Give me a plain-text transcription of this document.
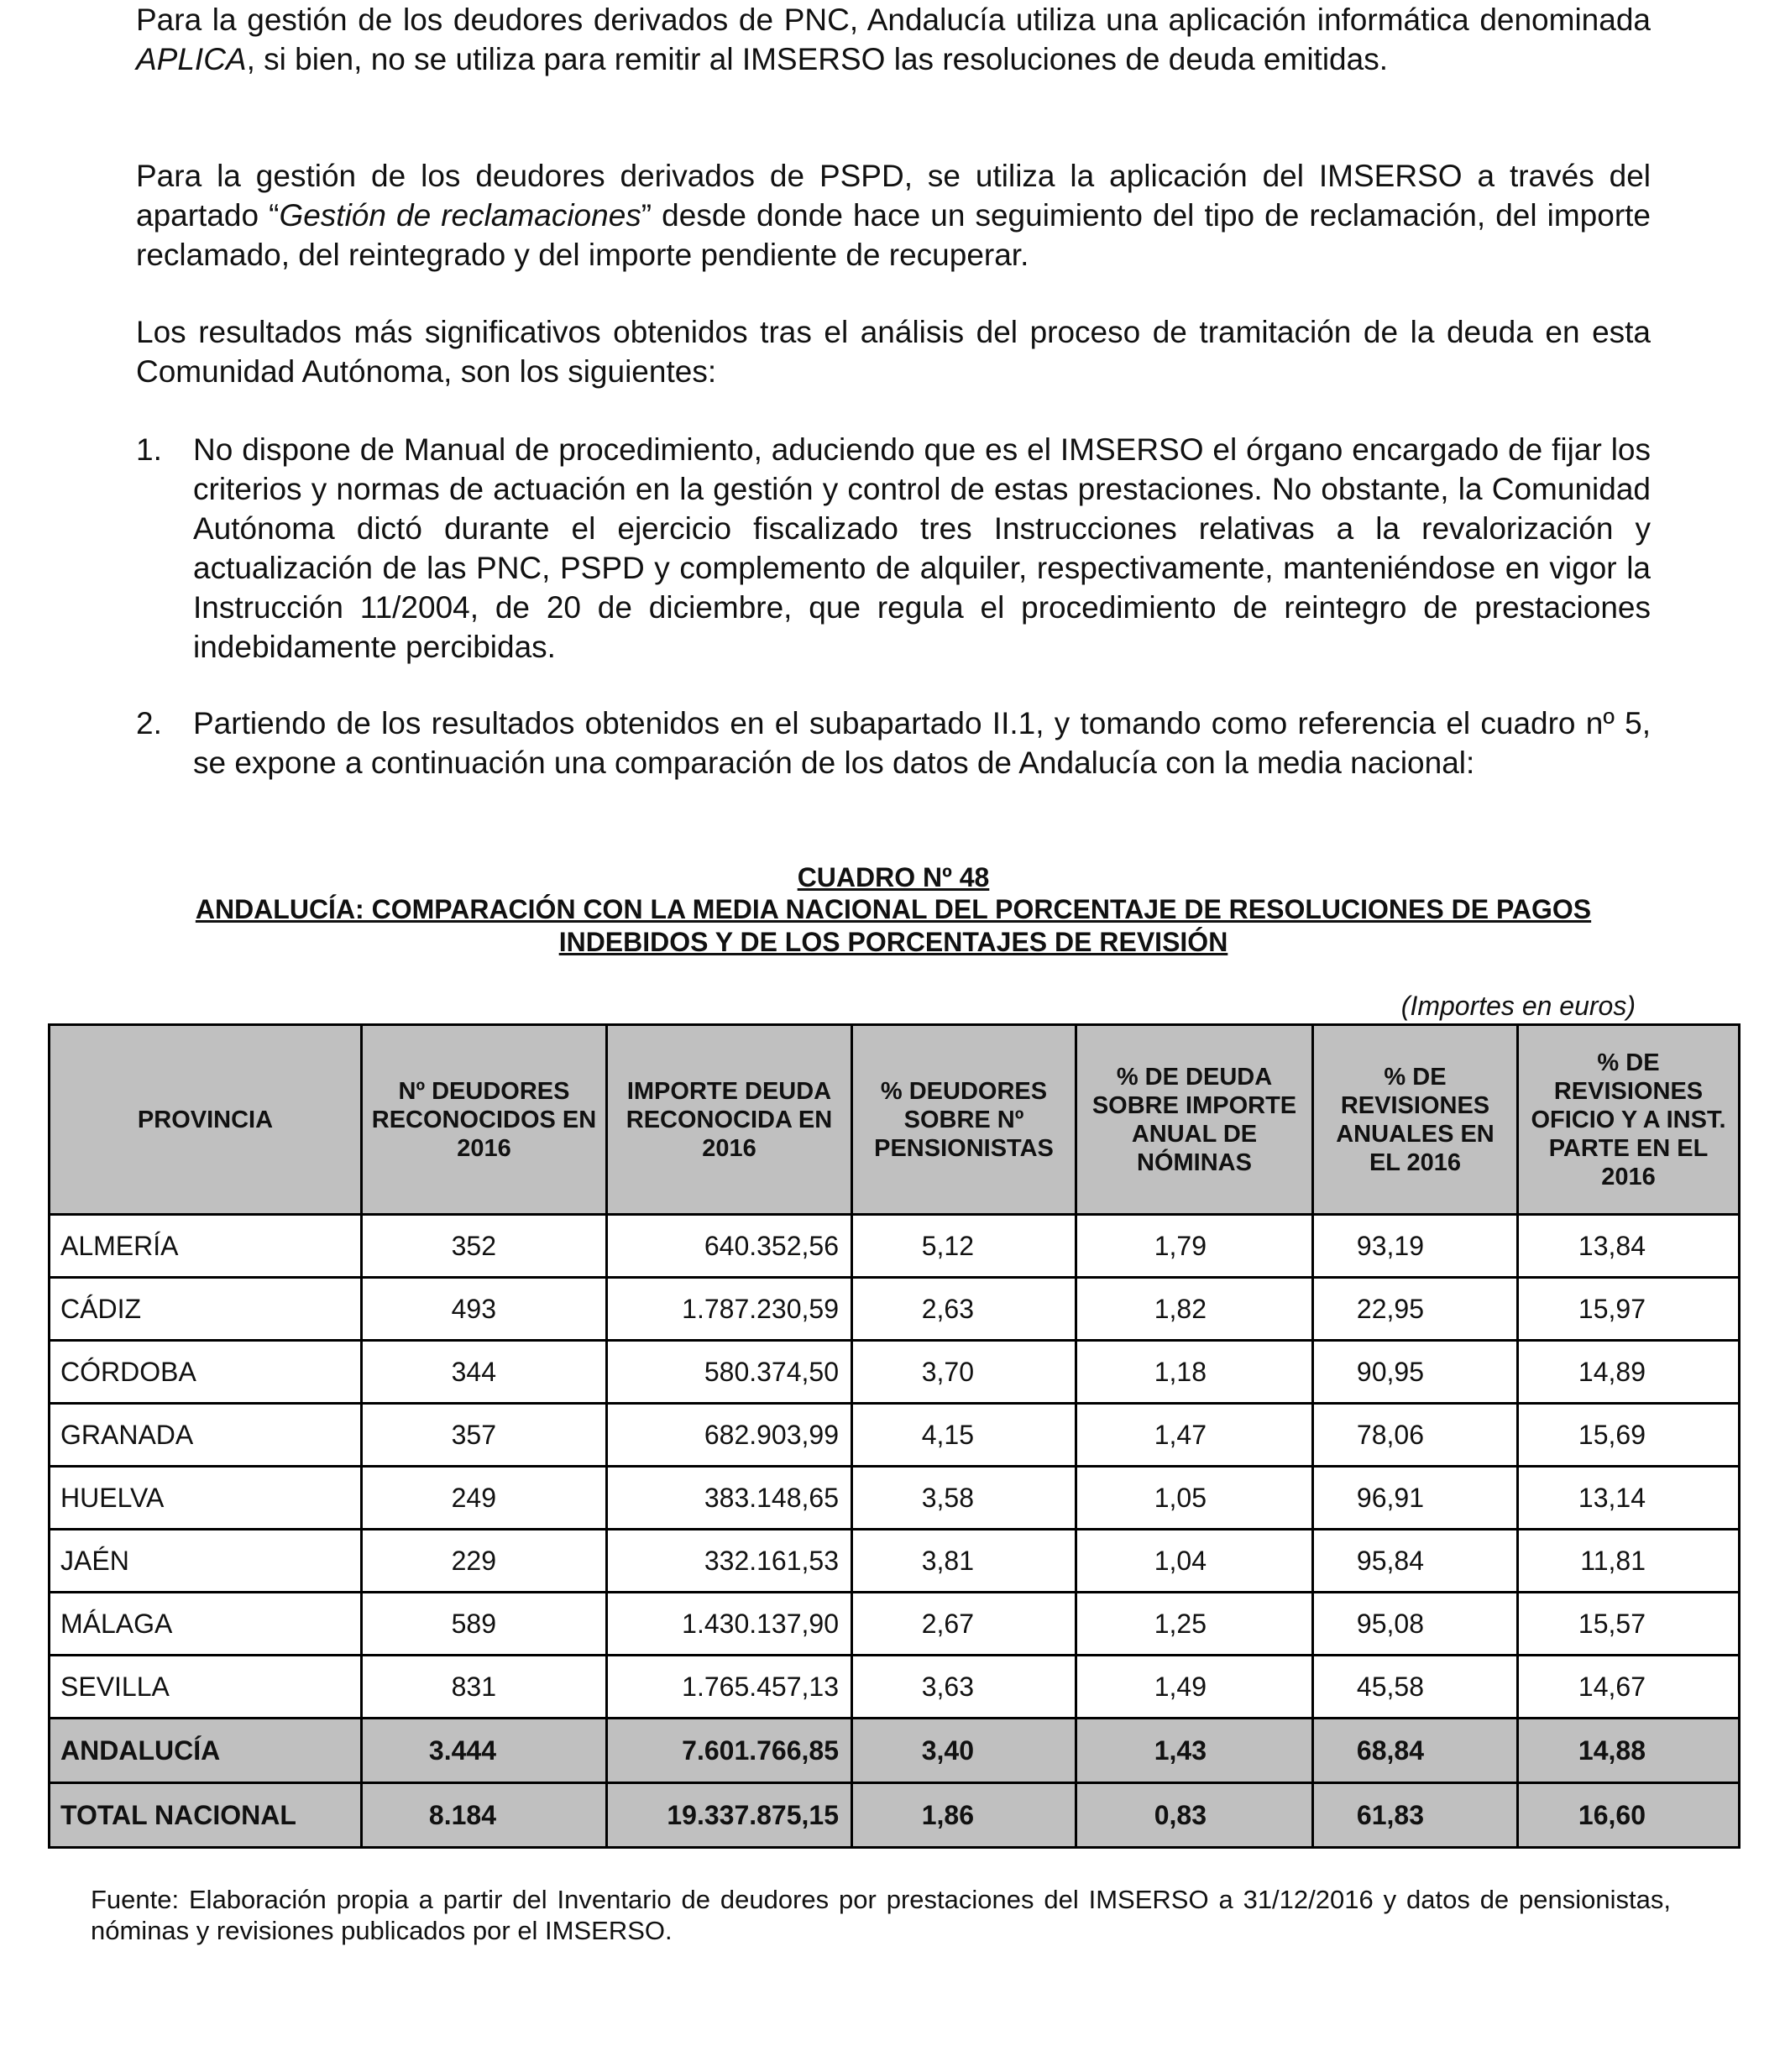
Para la gestión de los deudores derivados de PNC, Andalucía utiliza una aplicación informática denominada APLICA, si bien, no se utiliza para remitir al IMSERSO las resoluciones de deuda emitidas.

Para la gestión de los deudores derivados de PSPD, se utiliza la aplicación del IMSERSO a través del apartado “Gestión de reclamaciones” desde donde hace un seguimiento del tipo de reclamación, del importe reclamado, del reintegrado y del importe pendiente de recuperar.

Los resultados más significativos obtenidos tras el análisis del proceso de tramitación de la deuda en esta Comunidad Autónoma, son los siguientes:

1.	No dispone de Manual de procedimiento, aduciendo que es el IMSERSO el órgano encargado de fijar los criterios y normas de actuación en la gestión y control de estas prestaciones. No obstante, la Comunidad Autónoma dictó durante el ejercicio fiscalizado tres Instrucciones relativas a la revalorización y actualización de las PNC, PSPD y complemento de alquiler, respectivamente, manteniéndose en vigor la Instrucción 11/2004, de 20 de diciembre, que regula el procedimiento de reintegro de prestaciones indebidamente percibidas.
2.	Partiendo de los resultados obtenidos en el subapartado II.1, y tomando como referencia el cuadro nº 5, se expone a continuación una comparación de los datos de Andalucía con la media nacional:
CUADRO Nº 48
ANDALUCÍA: COMPARACIÓN CON LA MEDIA NACIONAL DEL PORCENTAJE DE RESOLUCIONES DE PAGOS
INDEBIDOS Y DE LOS PORCENTAJES DE REVISIÓN
(Importes en euros)
PROVINCIA	Nº DEUDORES RECONOCIDOS EN 2016	IMPORTE DEUDA RECONOCIDA EN 2016	% DEUDORES SOBRE Nº PENSIONISTAS	% DE DEUDA SOBRE IMPORTE ANUAL DE NÓMINAS	% DE REVISIONES ANUALES EN EL 2016	% DE REVISIONES OFICIO Y A INST. PARTE EN EL 2016
ALMERÍA	352	640.352,56	5,12	1,79	93,19	13,84
CÁDIZ	493	1.787.230,59	2,63	1,82	22,95	15,97
CÓRDOBA	344	580.374,50	3,70	1,18	90,95	14,89
GRANADA	357	682.903,99	4,15	1,47	78,06	15,69
HUELVA	249	383.148,65	3,58	1,05	96,91	13,14
JAÉN	229	332.161,53	3,81	1,04	95,84	11,81
MÁLAGA	589	1.430.137,90	2,67	1,25	95,08	15,57
SEVILLA	831	1.765.457,13	3,63	1,49	45,58	14,67
ANDALUCÍA	3.444	7.601.766,85	3,40	1,43	68,84	14,88
TOTAL NACIONAL	8.184	19.337.875,15	1,86	0,83	61,83	16,60
Fuente: Elaboración propia a partir del Inventario de deudores por prestaciones del IMSERSO a 31/12/2016 y datos de pensionistas, nóminas y revisiones publicados por el IMSERSO.
